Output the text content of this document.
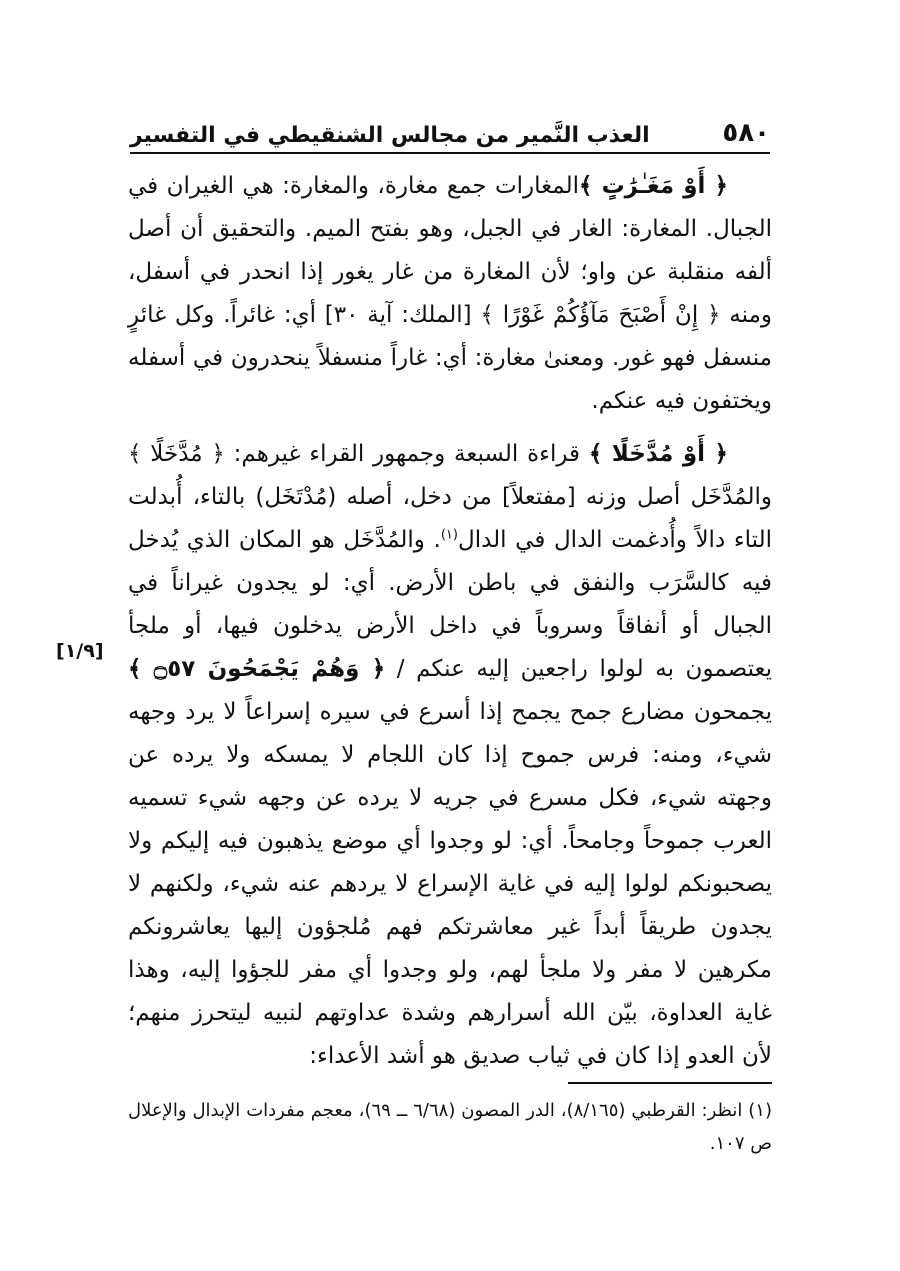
٥٨٠
العذب النَّمير من مجالس الشنقيطي في التفسير
[١/٩]

﴿ أَوْ مَغَـٰرَٰتٍ ﴾المغارات جمع مغارة، والمغارة: هي الغيران في الجبال. المغارة: الغار في الجبل، وهو بفتح الميم. والتحقيق أن أصل ألفه منقلبة عن واو؛ لأن المغارة من غار يغور إذا انحدر في أسفل، ومنه ﴿ إِنْ أَصْبَحَ مَآؤُكُمْ غَوْرًا ﴾ [الملك: آية ٣٠] أي: غائراً. وكل غائرٍ منسفل فهو غور. ومعنىٰ مغارة: أي: غاراً منسفلاً ينحدرون في أسفله ويختفون فيه عنكم.

﴿ أَوْ مُدَّخَلًا ﴾ قراءة السبعة وجمهور القراء غيرهم: ﴿ مُدَّخَلًا ﴾ والمُدَّخَل أصل وزنه [مفتعلاً] من دخل، أصله (مُدْتَخَل) بالتاء، أُبدلت التاء دالاً وأُدغمت الدال في الدال$^{(١)}$. والمُدَّخَل هو المكان الذي يُدخل فيه كالسَّرَب والنفق في باطن الأرض. أي: لو يجدون غيراناً في الجبال أو أنفاقاً وسروباً في داخل الأرض يدخلون فيها، أو ملجأ يعتصمون به لولوا راجعين إليه عنكم / ﴿ وَهُمْ يَجْمَحُونَ ۝٥٧ ﴾ يجمحون مضارع جمح يجمح إذا أسرع في سيره إسراعاً لا يرد وجهه شيء، ومنه: فرس جموح إذا كان اللجام لا يمسكه ولا يرده عن وجهته شيء، فكل مسرع في جريه لا يرده عن وجهه شيء تسميه العرب جموحاً وجامحاً. أي: لو وجدوا أي موضع يذهبون فيه إليكم ولا يصحبونكم لولوا إليه في غاية الإسراع لا يردهم عنه شيء، ولكنهم لا يجدون طريقاً أبداً غير معاشرتكم فهم مُلجؤون إليها يعاشرونكم مكرهين لا مفر ولا ملجأ لهم، ولو وجدوا أي مفر للجؤوا إليه، وهذا غاية العداوة، بيّن الله أسرارهم وشدة عداوتهم لنبيه ليتحرز منهم؛ لأن العدو إذا كان في ثياب صديق هو أشد الأعداء:

(١) انظر: القرطبي (٨/١٦٥)، الدر المصون (٦/٦٨ ــ ٦٩)، معجم مفردات الإبدال والإعلال ص ١٠٧.
